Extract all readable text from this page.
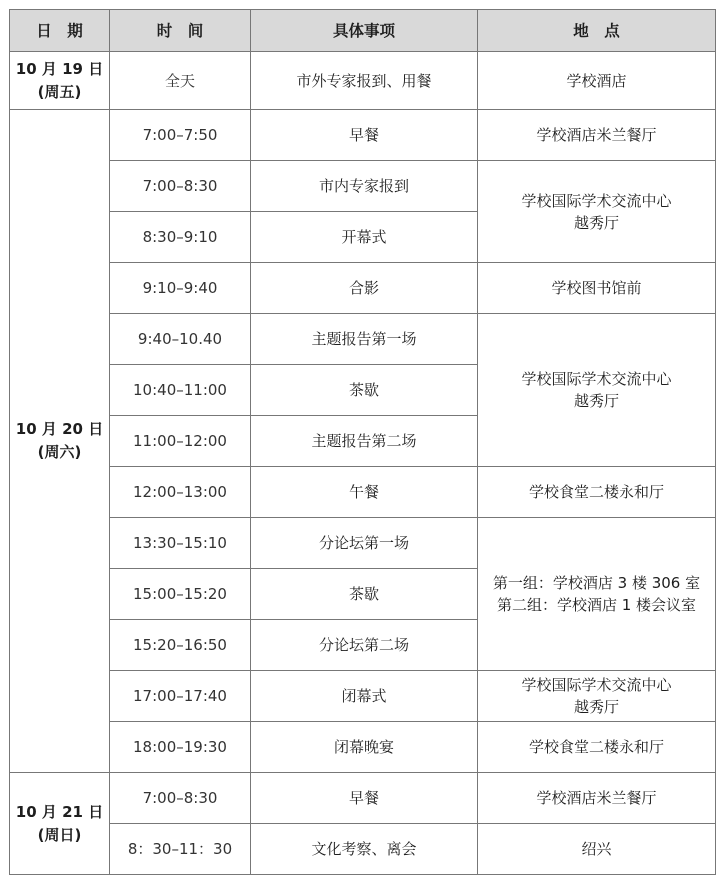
日　期	时　间	具体事项	地　点

10 月 19 日
(周五)	全天	市外专家报到、用餐	学校酒店

10 月 20 日
(周六)	7:00–7:50	早餐	学校酒店米兰餐厅
	7:00–8:30	市内专家报到	学校国际学术交流中心
越秀厅

	8:30–9:10	开幕式	
	9:10–9:40	合影	学校图书馆前
	9:40–10.40	主题报告第一场	学校国际学术交流中心
越秀厅

	10:40–11:00	茶歇	
	11:00–12:00	主题报告第二场	
	12:00–13:00	午餐	学校食堂二楼永和厅
	13:30–15:10	分论坛第一场	第一组：学校酒店 3 楼 306 室
第二组：学校酒店 1 楼会议室

	15:00–15:20	茶歇	
	15:20–16:50	分论坛第二场	
	17:00–17:40	闭幕式	学校国际学术交流中心
越秀厅

	18:00–19:30	闭幕晚宴	学校食堂二楼永和厅

10 月 21 日
(周日)	7:00–8:30	早餐	学校酒店米兰餐厅
	8：30–11：30	文化考察、离会	绍兴
